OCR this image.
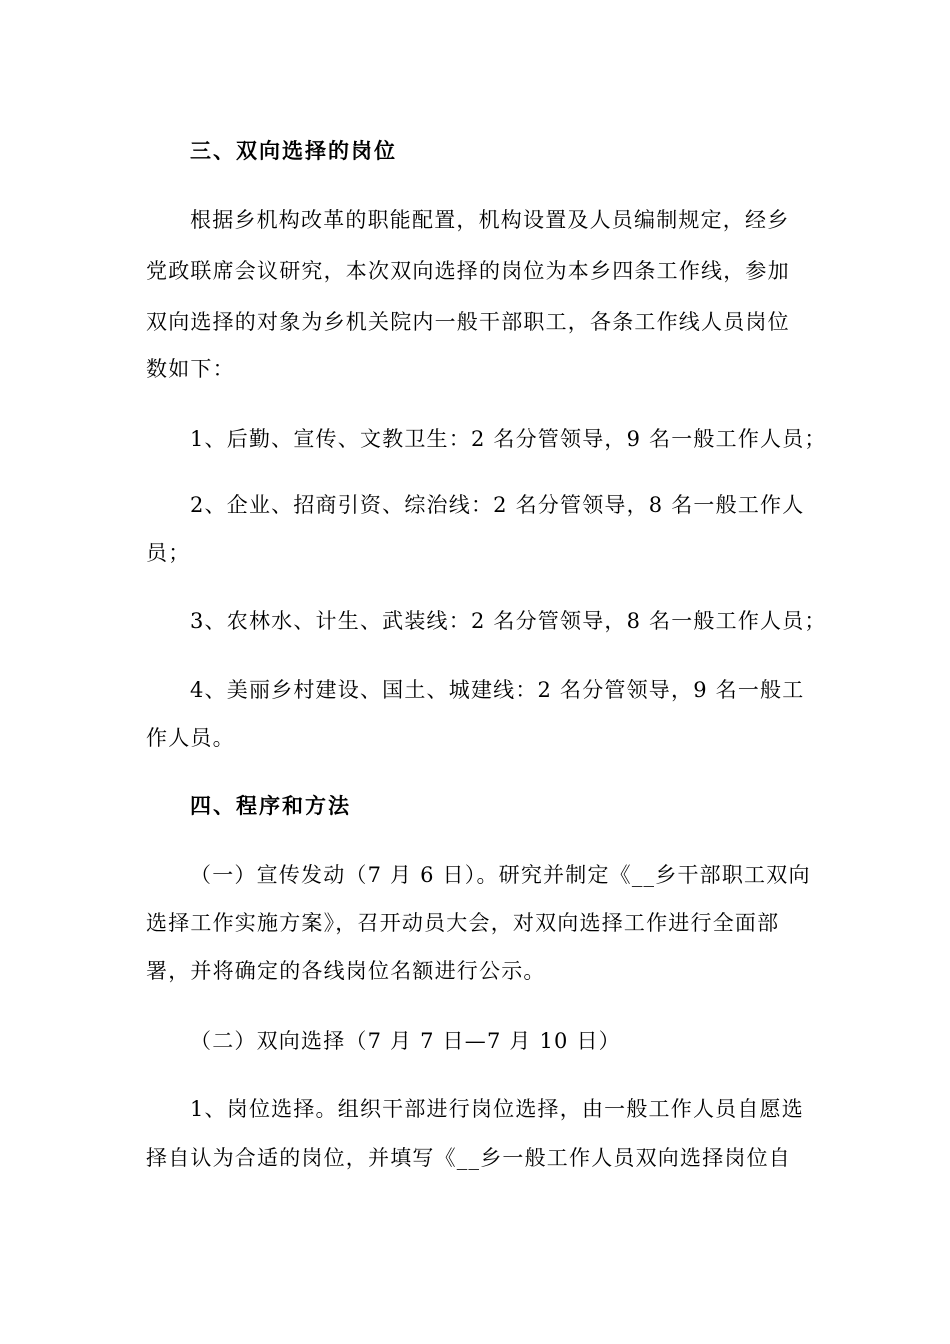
三、双向选择的岗位
根据乡机构改革的职能配置，机构设置及人员编制规定，经乡
党政联席会议研究，本次双向选择的岗位为本乡四条工作线，参加
双向选择的对象为乡机关院内一般干部职工，各条工作线人员岗位
数如下：
1、后勤、宣传、文教卫生：2 名分管领导，9 名一般工作人员；
2、企业、招商引资、综治线：2 名分管领导，8 名一般工作人
员；
3、农林水、计生、武装线：2 名分管领导，8 名一般工作人员；
4、美丽乡村建设、国土、城建线：2 名分管领导，9 名一般工
作人员。
四、程序和方法
（一）宣传发动（7 月 6 日）。研究并制定《__乡干部职工双向
选择工作实施方案》，召开动员大会，对双向选择工作进行全面部
署，并将确定的各线岗位名额进行公示。
（二）双向选择（7 月 7 日—7 月 10 日）
1、岗位选择。组织干部进行岗位选择，由一般工作人员自愿选
择自认为合适的岗位，并填写《__乡一般工作人员双向选择岗位自
